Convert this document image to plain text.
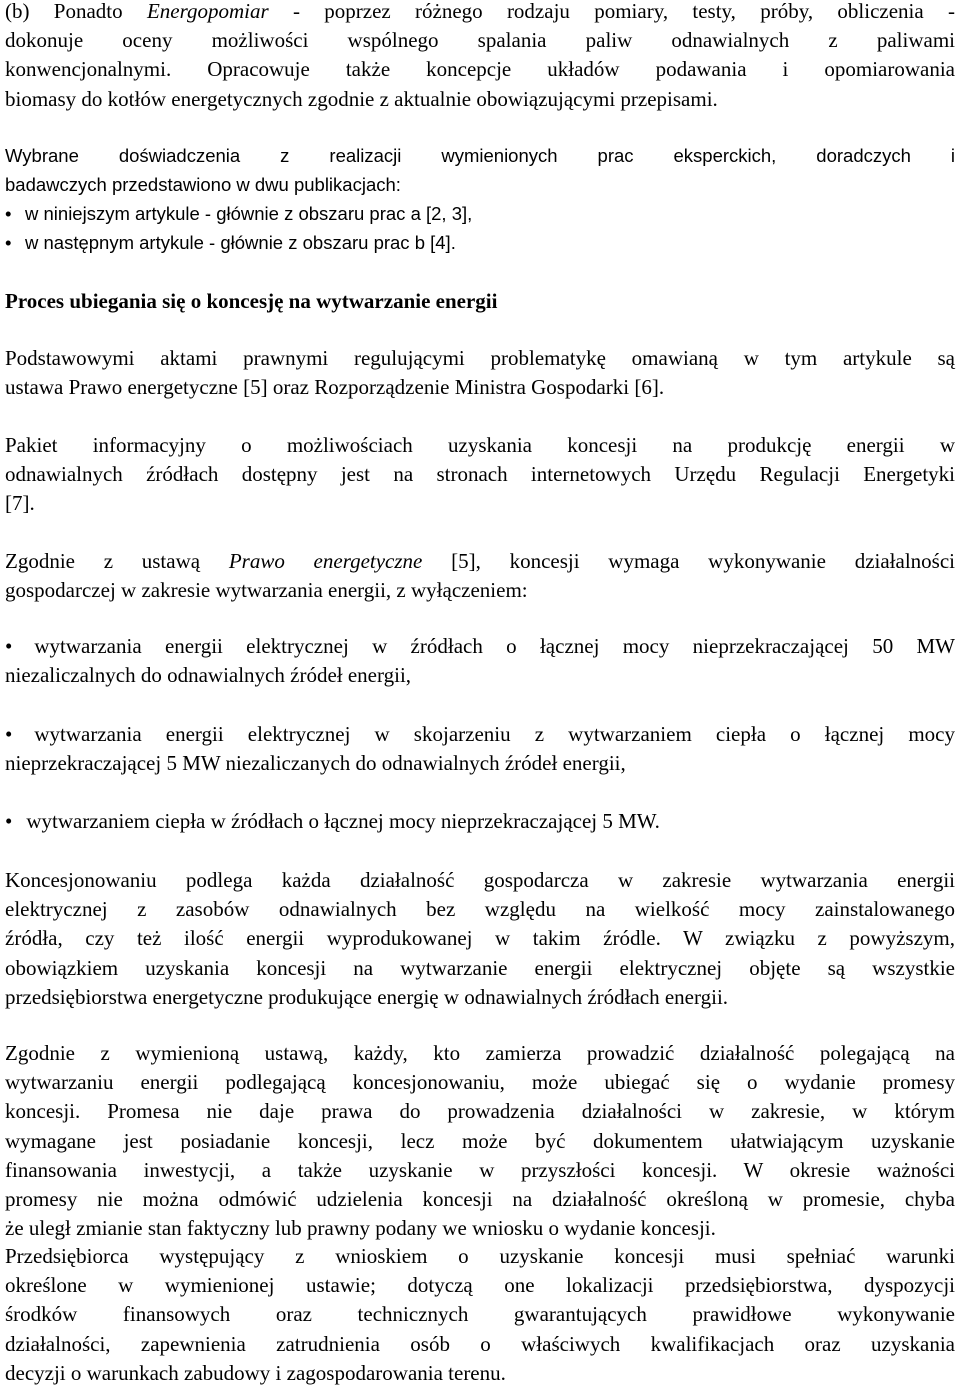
(b) Ponadto Energopomiar - poprzez różnego rodzaju pomiary, testy, próby, obliczenia -
dokonuje oceny możliwości wspólnego spalania paliw odnawialnych z paliwami
konwencjonalnymi. Opracowuje także koncepcje układów podawania i opomiarowania
biomasy do kotłów energetycznych zgodnie z aktualnie obowiązującymi przepisami.
Wybrane doświadczenia z realizacji wymienionych prac eksperckich, doradczych i
badawczych przedstawiono w dwu publikacjach:
• w niniejszym artykule - głównie z obszaru prac a [2, 3],
• w następnym artykule - głównie z obszaru prac b [4].
Proces ubiegania się o koncesję na wytwarzanie energii
Podstawowymi aktami prawnymi regulującymi problematykę omawianą w tym artykule są
ustawa Prawo energetyczne [5] oraz Rozporządzenie Ministra Gospodarki [6].
Pakiet informacyjny o możliwościach uzyskania koncesji na produkcję energii w
odnawialnych źródłach dostępny jest na stronach internetowych Urzędu Regulacji Energetyki
[7].
Zgodnie z ustawą Prawo energetyczne [5], koncesji wymaga wykonywanie działalności
gospodarczej w zakresie wytwarzania energii, z wyłączeniem:
• wytwarzania energii elektrycznej w źródłach o łącznej mocy nieprzekraczającej 50 MW
niezaliczalnych do odnawialnych źródeł energii,
• wytwarzania energii elektrycznej w skojarzeniu z wytwarzaniem ciepła o łącznej mocy
nieprzekraczającej 5 MW niezaliczanych do odnawialnych źródeł energii,
• wytwarzaniem ciepła w źródłach o łącznej mocy nieprzekraczającej 5 MW.
Koncesjonowaniu podlega każda działalność gospodarcza w zakresie wytwarzania energii
elektrycznej z zasobów odnawialnych bez względu na wielkość mocy zainstalowanego
źródła, czy też ilość energii wyprodukowanej w takim źródle. W związku z powyższym,
obowiązkiem uzyskania koncesji na wytwarzanie energii elektrycznej objęte są wszystkie
przedsiębiorstwa energetyczne produkujące energię w odnawialnych źródłach energii.
Zgodnie z wymienioną ustawą, każdy, kto zamierza prowadzić działalność polegającą na
wytwarzaniu energii podlegającą koncesjonowaniu, może ubiegać się o wydanie promesy
koncesji. Promesa nie daje prawa do prowadzenia działalności w zakresie, w którym
wymagane jest posiadanie koncesji, lecz może być dokumentem ułatwiającym uzyskanie
finansowania inwestycji, a także uzyskanie w przyszłości koncesji. W okresie ważności
promesy nie można odmówić udzielenia koncesji na działalność określoną w promesie, chyba
że uległ zmianie stan faktyczny lub prawny podany we wniosku o wydanie koncesji.
Przedsiębiorca występujący z wnioskiem o uzyskanie koncesji musi spełniać warunki
określone w wymienionej ustawie; dotyczą one lokalizacji przedsiębiorstwa, dyspozycji
środków finansowych oraz technicznych gwarantujących prawidłowe wykonywanie
działalności, zapewnienia zatrudnienia osób o właściwych kwalifikacjach oraz uzyskania
decyzji o warunkach zabudowy i zagospodarowania terenu.
